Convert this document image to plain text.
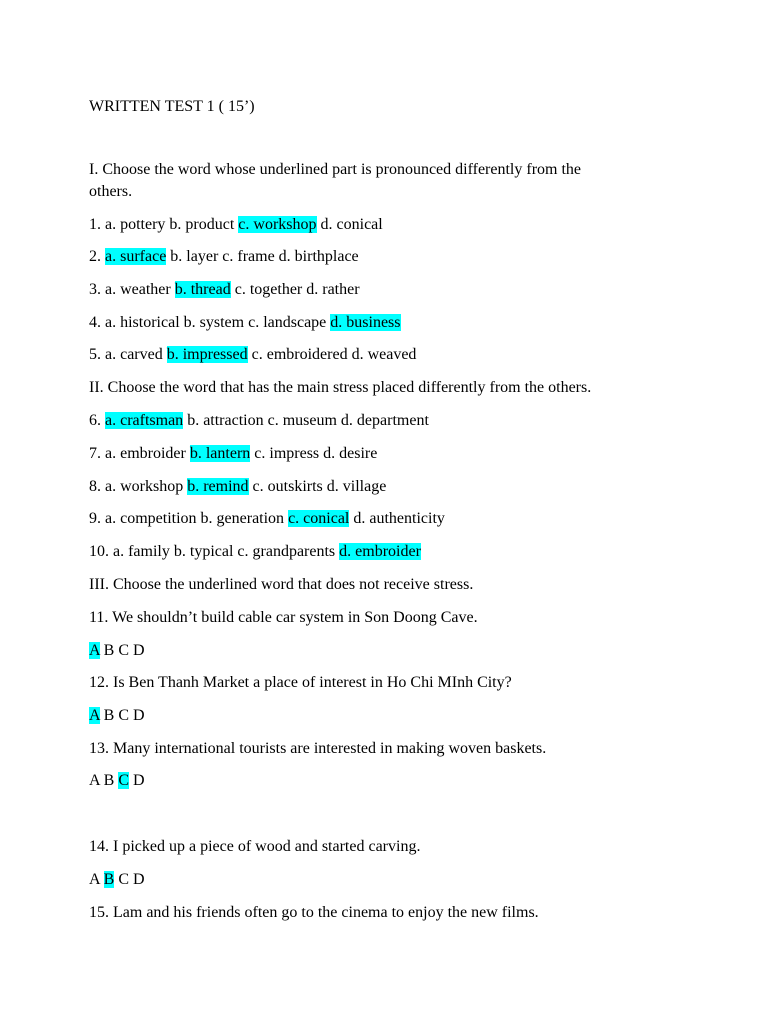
WRITTEN TEST 1 ( 15’)
I. Choose the word whose underlined part is pronounced differently from the
others.
1. a. pottery b. product c. workshop d. conical
2. a. surface b. layer c. frame d. birthplace
3. a. weather b. thread c. together d. rather
4. a. historical b. system c. landscape d. business
5. a. carved b. impressed c. embroidered d. weaved
II. Choose the word that has the main stress placed differently from the others.
6. a. craftsman b. attraction c. museum d. department
7. a. embroider b. lantern c. impress d. desire
8. a. workshop b. remind c. outskirts d. village
9. a. competition b. generation c. conical d. authenticity
10. a. family b. typical c. grandparents d. embroider
III. Choose the underlined word that does not receive stress.
11. We shouldn’t build cable car system in Son Doong Cave.
A B C D
12. Is Ben Thanh Market a place of interest in Ho Chi MInh City?
A B C D
13. Many international tourists are interested in making woven baskets.
A B C D
14. I picked up a piece of wood and started carving.
A B C D
15. Lam and his friends often go to the cinema to enjoy the new films.
